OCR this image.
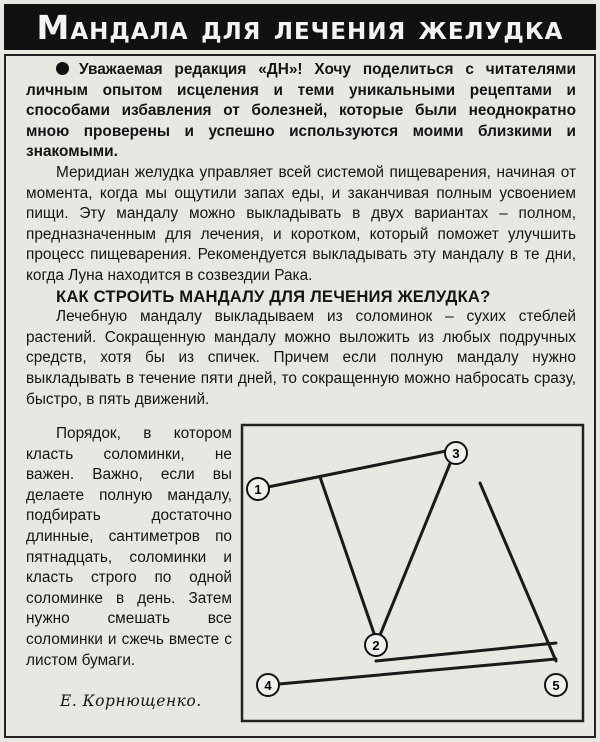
Мандала для лечения желудка

Уважаемая редакция «ДН»! Хочу поделиться с читателями личным опытом исцеления и теми уникальными рецептами и способами избавления от болезней, которые были неоднократно мною проверены и успешно используются моими близкими и знакомыми.

Меридиан желудка управляет всей системой пищеварения, начиная от момента, когда мы ощутили запах еды, и заканчивая полным усвоением пищи. Эту мандалу можно выкладывать в двух вариантах – полном, предназначенным для лечения, и коротком, который поможет улучшить процесс пищеварения. Рекомендуется выкладывать эту мандалу в те дни, когда Луна находится в созвездии Рака.

КАК СТРОИТЬ МАНДАЛУ ДЛЯ ЛЕЧЕНИЯ ЖЕЛУДКА?

Лечебную мандалу выкладываем из соломинок – сухих стеблей растений. Сокращенную мандалу можно выложить из любых подручных средств, хотя бы из спичек. Причем если полную мандалу нужно выкладывать в течение пяти дней, то сокращенную можно набросать сразу, быстро, в пять движений.

Порядок, в котором класть соломинки, не важен. Важно, если вы делаете полную мандалу, подбирать достаточно длинные, сантиметров по пятнадцать, соломинки и класть строго по одной соломинке в день. Затем нужно смешать все соломинки и сжечь вместе с листом бумаги.

Е. Корнющенко.
1
2
3
4	5
